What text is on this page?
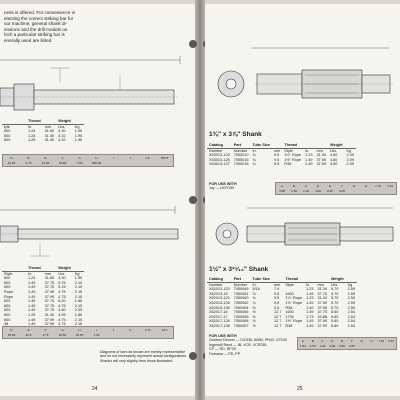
ness is offered. For convenience in
electing the correct striking bar for
our machine, general shank di-
ensions and the drill models on
hich a particular striking bar is
enerally used are listed.
	Thread		Weight	
tyle	In.	mm	Lbs.	Kg
600	1.24	31.60	4.30	1.95
600	1.25	31.30	4.32	1.95
600	1.25	31.30	4.32	1.95
D	B	E	F	G	H	I	J	1.5	159.5
41.65	2.78	21.66	34.82	7.64	960.90
	Thread		Weight	
Style	In.	mm	Lbs.	Kg
600	1.24	31.60	4.30	1.95
600	1.49	37.75	5.75	2.10
600	1.49	37.75	5.15	2.10
Rope	1.49	37.99	4.75	2.15
Rope	1.49	37.99	4.75	2.15
600	1.49	37.75	6.20	1.65
600	1.49	37.75	4.75	2.15
600	1.49	37.75	4.60	2.09
600	1.25	31.30	4.09	1.85
600	1.49	37.99	4.75	2.15
38	1.49	37.99	4.75	2.15
D	E	F	G	H	I	J	K	1.75	10.3
35.69	42.5	17.8	26.84	10.55	1.50
Diagrams of bars as shown are merely representative
and do not necessarily represent actual configurations.
Shanks will vary slightly from those illustrated.
24
1⅜" x 3⅞" Shank
Catalog	Part	Tube Size		Thread			Weight	
Number	Number	In.	mm	Style	In.	mm	Lbs.	Kg
X53013-120	7050010	¾	9.5	1¼" Rope	1.23	31.34	4.60	2.09
X53013-126	7050016	¾	9.5	1½" Rope	1.49	37.69	4.60	2.09
X53013-137	7050018	¾	9.5	R38	1.49	37.69	4.60	2.09
FOR USE WITH
Joy — HCR150
A	B	C	D	E	F	G	H	1.75	2.13
3.88	1.38	1.25	4.00	8.25	0.05
1½" x 3¹⁵⁄₁₆" Shank
Catalog	Part	Tube Size		Thread			Weight	
Number	Number	In.	mm	Style	In.	mm	Lbs.	Kg
X52013-120	7050069	5/16	7.9		1.23	31.34	5.70	2.59
X52013-15	7050061	⅜	9.5	1600	1.49	37.75	5.70	2.59
X52013-120	7050060	⅜	9.5	1¼" Rope	1.23	31.34	5.70	2.59
X52013-126	7050062	⅜	9.5	1½" Rope	1.49	37.99	5.70	2.59
X52013-138	7050064	⅜	9.5	R38	1.49	37.99	5.70	2.59
X52017-16	7050066	½	12.7	1600	1.49	37.75	5.60	2.54
X52017-17	7050065	½	12.7	1700	1.73	43.88	5.60	2.54
X52017-126	7050068	½	12.7	1½" Rope	1.49	37.99	5.60	2.54
X52017-138	7050067	½	12.7	R38	1.49	37.99	5.60	2.54
FOR USE WITH
Gardner Denver — D41DB, 800M, PR43, CP100
Ingersoll Rand — IB, VCR, VCR255
CP — RD, RP25
Furkawa — PD, PP
A	B	C	D	E	F	G	H	1.84	3.94
1.91	1.50	1.25	4.00	9.80	0.06
25
